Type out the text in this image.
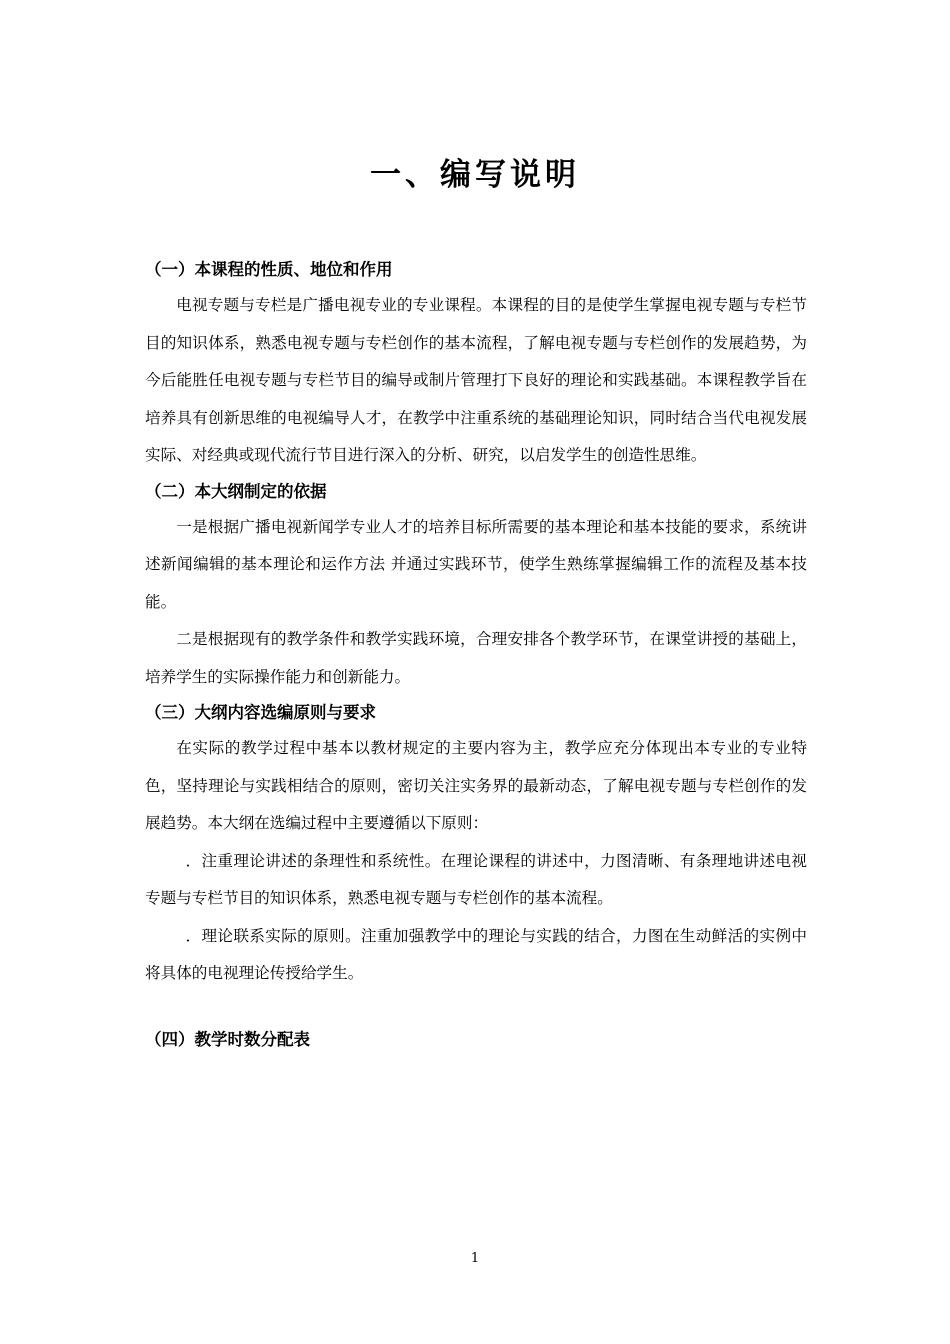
一、编写说明
（一）本课程的性质、地位和作用

电视专题与专栏是广播电视专业的专业课程。本课程的目的是使学生掌握电视专题与专栏节目的知识体系，熟悉电视专题与专栏创作的基本流程，了解电视专题与专栏创作的发展趋势，为今后能胜任电视专题与专栏节目的编导或制片管理打下良好的理论和实践基础。本课程教学旨在培养具有创新思维的电视编导人才，在教学中注重系统的基础理论知识，同时结合当代电视发展实际、对经典或现代流行节目进行深入的分析、研究，以启发学生的创造性思维。

（二）本大纲制定的依据

一是根据广播电视新闻学专业人才的培养目标所需要的基本理论和基本技能的要求，系统讲述新闻编辑的基本理论和运作方法 并通过实践环节，使学生熟练掌握编辑工作的流程及基本技能。

二是根据现有的教学条件和教学实践环境，合理安排各个教学环节，在课堂讲授的基础上，培养学生的实际操作能力和创新能力。

（三）大纲内容选编原则与要求

在实际的教学过程中基本以教材规定的主要内容为主，教学应充分体现出本专业的专业特色，坚持理论与实践相结合的原则，密切关注实务界的最新动态，了解电视专题与专栏创作的发展趋势。本大纲在选编过程中主要遵循以下原则：

．注重理论讲述的条理性和系统性。在理论课程的讲述中，力图清晰、有条理地讲述电视专题与专栏节目的知识体系，熟悉电视专题与专栏创作的基本流程。

．理论联系实际的原则。注重加强教学中的理论与实践的结合，力图在生动鲜活的实例中将具体的电视理论传授给学生。

（四）教学时数分配表
1
